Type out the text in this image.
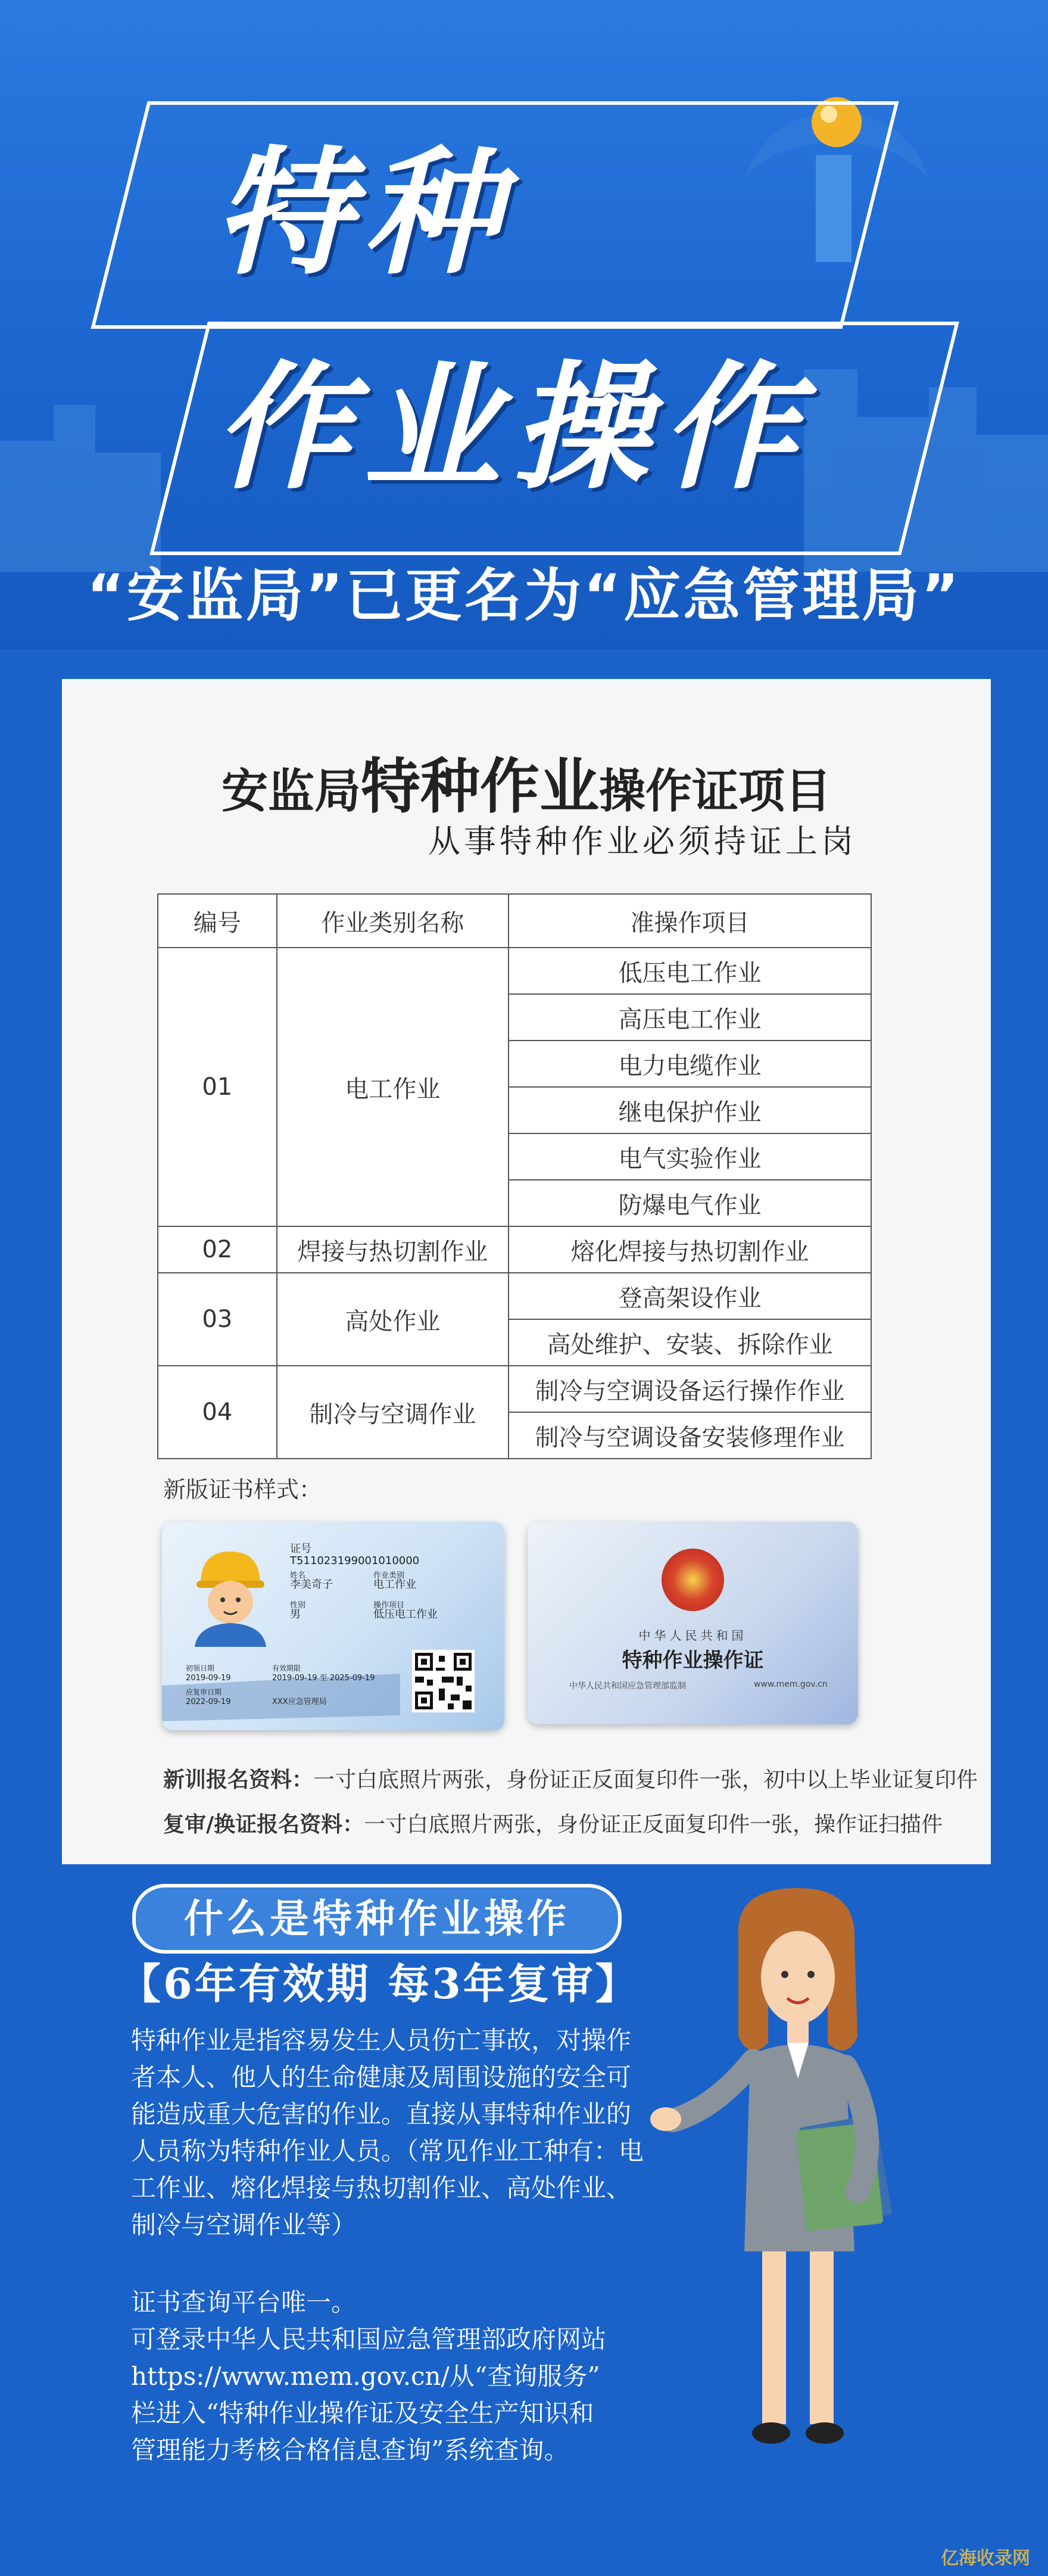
特种
作业操作
“安监局”已更名为“应急管理局”
安监局特种作业操作证项目
从事特种作业必须持证上岗
编号	作业类别名称	准操作项目
01	电工作业	低压电工作业
		高压电工作业
		电力电缆作业
		继电保护作业
		电气实验作业
		防爆电气作业
02	焊接与热切割作业	熔化焊接与热切割作业
03	高处作业	登高架设作业
		高处维护、安装、拆除作业
04	制冷与空调作业	制冷与空调设备运行操作作业
		制冷与空调设备安装修理作业
新版证书样式：
证号
T511023199001010000
姓名
李美奇子
作业类别
电工作业
性别
男
操作项目
低压电工作业
初领日期
2019-09-19
应复审日期
2022-09-19
有效期限
2019-09-19 至 2025-09-19
XXX应急管理局
中华人民共和国
特种作业操作证
中华人民共和国应急管理部监制	www.mem.gov.cn
新训报名资料：一寸白底照片两张，身份证正反面复印件一张，初中以上毕业证复印件
复审/换证报名资料：一寸白底照片两张，身份证正反面复印件一张，操作证扫描件
什么是特种作业操作
【6年有效期 每3年复审】
特种作业是指容易发生人员伤亡事故，对操作者本人、他人的生命健康及周围设施的安全可能造成重大危害的作业。直接从事特种作业的人员称为特种作业人员。（常见作业工种有：电工作业、熔化焊接与热切割作业、高处作业、制冷与空调作业等）
证书查询平台唯一。
可登录中华人民共和国应急管理部政府网站
https://www.mem.gov.cn/从“查询服务”
栏进入“特种作业操作证及安全生产知识和
管理能力考核合格信息查询”系统查询。
亿海收录网
